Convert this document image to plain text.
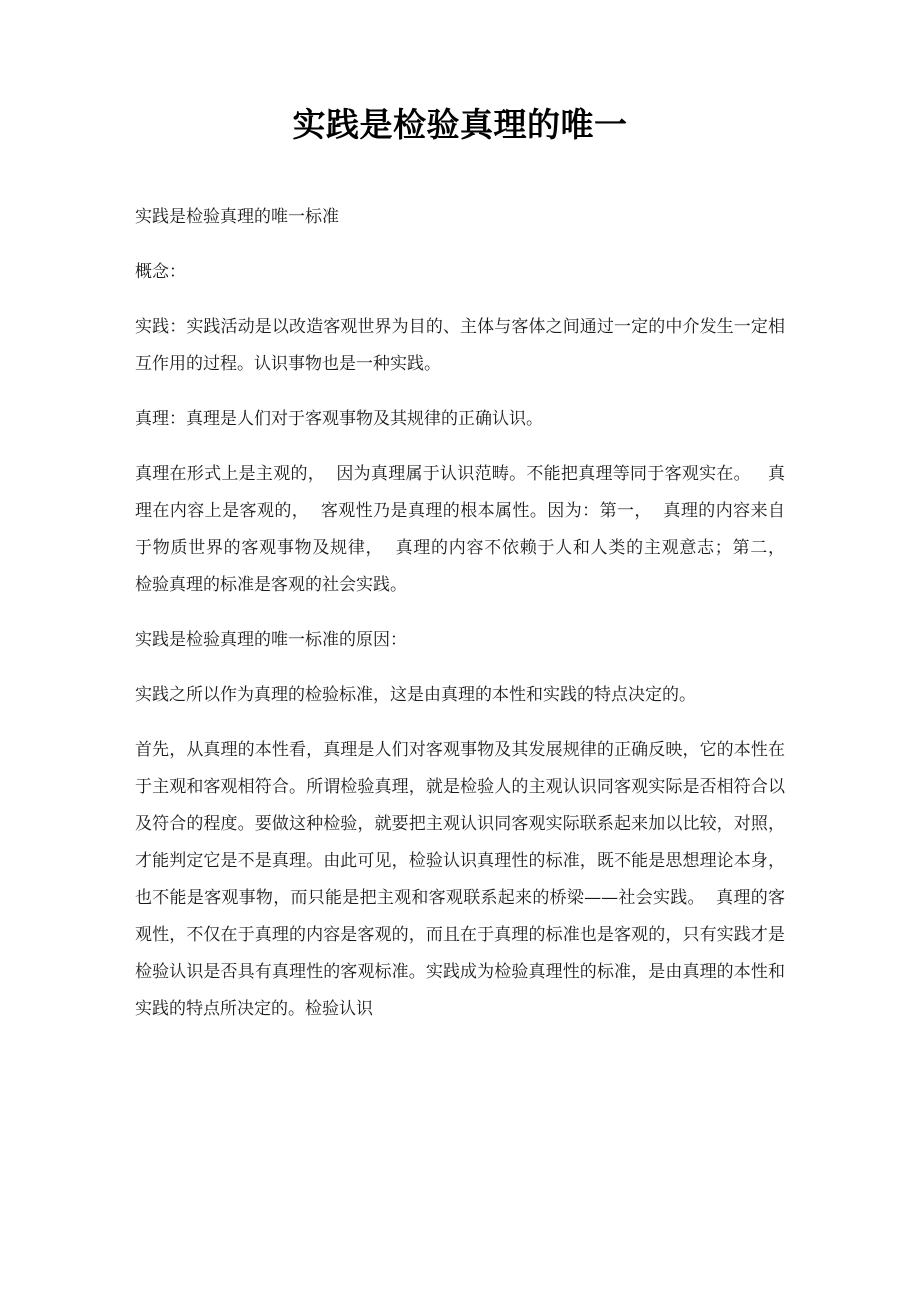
实践是检验真理的唯一

实践是检验真理的唯一标准

概念：

实践：实践活动是以改造客观世界为目的、主体与客体之间通过一定的中介发生一定相互作用的过程。认识事物也是一种实践。

真理：真理是人们对于客观事物及其规律的正确认识。

真理在形式上是主观的，  因为真理属于认识范畴。不能把真理等同于客观实在。   真理在内容上是客观的，  客观性乃是真理的根本属性。因为：第一，  真理的内容来自于物质世界的客观事物及规律，  真理的内容不依赖于人和人类的主观意志；第二，  检验真理的标准是客观的社会实践。

实践是检验真理的唯一标准的原因：

实践之所以作为真理的检验标准，这是由真理的本性和实践的特点决定的。

首先，从真理的本性看，真理是人们对客观事物及其发展规律的正确反映，它的本性在于主观和客观相符合。所谓检验真理，就是检验人的主观认识同客观实际是否相符合以及符合的程度。要做这种检验，就要把主观认识同客观实际联系起来加以比较，对照，才能判定它是不是真理。由此可见，检验认识真理性的标准，既不能是思想理论本身，也不能是客观事物，而只能是把主观和客观联系起来的桥梁——社会实践。  真理的客观性，不仅在于真理的内容是客观的，而且在于真理的标准也是客观的，只有实践才是检验认识是否具有真理性的客观标准。实践成为检验真理性的标准，是由真理的本性和实践的特点所决定的。检验认识
